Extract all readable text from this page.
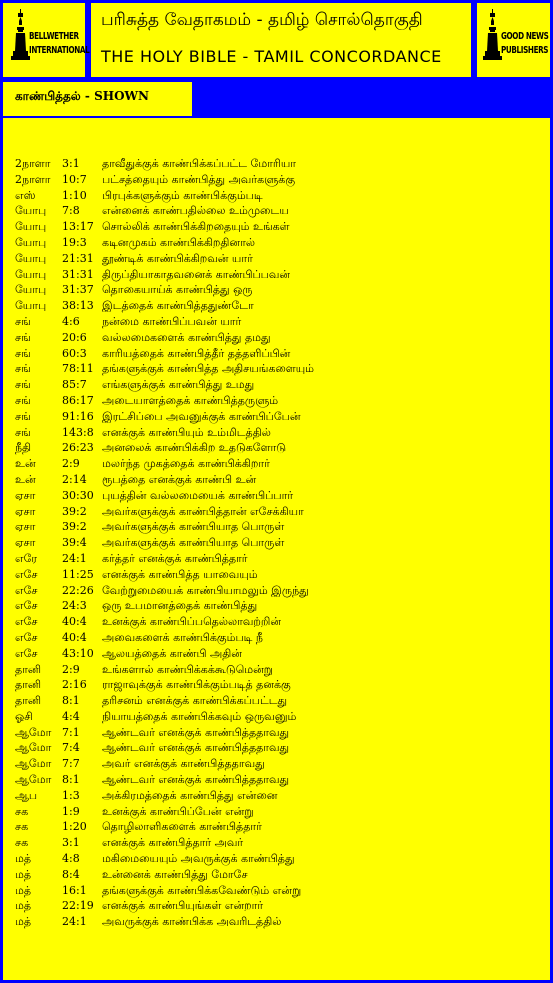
BELLWETHER
INTERNATIONAL
பரிசுத்த வேதாகமம் - தமிழ் சொல்தொகுதி
THE HOLY BIBLE - TAMIL CONCORDANCE
GOOD NEWS
PUBLISHERS
காண்பித்தல் - SHOWN
2நாளா 3:1 தாவீதுக்குக் காண்பிக்கப்பட்ட மோரியா
2நாளா 10:7 பட்சத்தையும் காண்பித்து அவர்களுக்கு
எஸ் 1:10 பிரபுக்களுக்கும் காண்பிக்கும்படி
யோபு 7:8 என்னைக் காண்பதில்லை உம்முடைய
யோபு 13:17 சொல்லிக் காண்பிக்கிறதையும் உங்கள்
யோபு 19:3 கடினமுகம் காண்பிக்கிறதினால்
யோபு 21:31 தூண்டிக் காண்பிக்கிறவன் யார்
யோபு 31:31 திருப்தியாகாதவனைக் காண்பிப்பவன்
யோபு 31:37 தொகையாய்க் காண்பித்து ஒரு
யோபு 38:13 இடத்தைக் காண்பித்ததுண்டோ
சங்	4:6 நன்மை காண்பிப்பவன் யார்
சங்	20:6 வல்லமைகளைக் காண்பித்து தமது
சங்	60:3 காரியத்தைக் காண்பித்தீர் தத்தளிப்பின்
சங்	78:11 தங்களுக்குக் காண்பித்த அதிசயங்களையும்
சங்	85:7 எங்களுக்குக் காண்பித்து உமது
சங்	86:17 அடையாளத்தைக் காண்பித்தருளும்
சங்	91:16 இரட்சிப்பை அவனுக்குக் காண்பிப்பேன்
சங்	143:8 எனக்குக் காண்பியும் உம்மிடத்தில்
நீதி	26:23 அனலைக் காண்பிக்கிற உதடுகளோடு
உன் 2:9 மலர்ந்த முகத்தைக் காண்பிக்கிறார்
உன் 2:14 ரூபத்தை எனக்குக் காண்பி உன்
ஏசா 30:30 புயத்தின் வல்லமையைக் காண்பிப்பார்
ஏசா 39:2 அவர்களுக்குக் காண்பித்தான் எசேக்கியா
ஏசா 39:2 அவர்களுக்குக் காண்பியாத பொருள்
ஏசா 39:4 அவர்களுக்குக் காண்பியாத பொருள்
எரே 24:1 கர்த்தர் எனக்குக் காண்பித்தார்
எசே 11:25 எனக்குக் காண்பித்த யாவையும்
எசே 22:26 வேற்றுமையைக் காண்பியாமலும் இருந்து
எசே 24:3 ஒரு உபமானத்தைக் காண்பித்து
எசே 40:4 உனக்குக் காண்பிப்பதெல்லாவற்றின்
எசே 40:4 அவைகளைக் காண்பிக்கும்படி நீ
எசே 43:10 ஆலயத்தைக் காண்பி அதின்
தானி 2:9 உங்களால் காண்பிக்கக்கூடுமென்று
தானி 2:16 ராஜாவுக்குக் காண்பிக்கும்படித் தனக்கு
தானி 8:1 தரிசனம் எனக்குக் காண்பிக்கப்பட்டது
ஓசி	4:4 நியாயத்தைக் காண்பிக்கவும் ஒருவனும்
ஆமோ 7:1 ஆண்டவர் எனக்குக் காண்பித்ததாவது
ஆமோ 7:4 ஆண்டவர் எனக்குக் காண்பித்ததாவது
ஆமோ 7:7 அவர் எனக்குக் காண்பித்ததாவது
ஆமோ 8:1 ஆண்டவர் எனக்குக் காண்பித்ததாவது
ஆப 1:3 அக்கிரமத்தைக் காண்பித்து என்னை
சக	1:9 உனக்குக் காண்பிப்பேன் என்று
சக	1:20 தொழிலாளிகளைக் காண்பித்தார்
சக	3:1 எனக்குக் காண்பித்தார் அவர்
மத்	4:8 மகிமையையும் அவருக்குக் காண்பித்து
மத்	8:4 உன்னைக் காண்பித்து மோசே
மத்	16:1 தங்களுக்குக் காண்பிக்கவேண்டும் என்று
மத்	22:19 எனக்குக் காண்பியுங்கள் என்றார்
மத்	24:1 அவருக்குக் காண்பிக்க அவரிடத்தில்
